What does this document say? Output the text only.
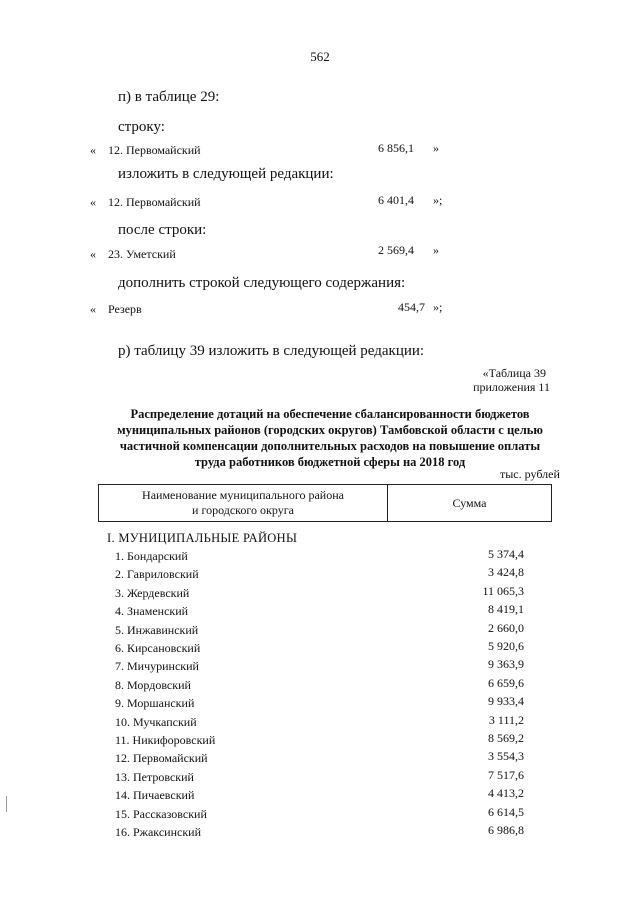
562
п) в таблице 29:
строку:
« 12. Первомайский	6 856,1 »
изложить в следующей редакции:
« 12. Первомайский	6 401,4 »;
после строки:
« 23. Уметский	2 569,4 »
дополнить строкой следующего содержания:
« Резерв	454,7 »;
р) таблицу 39 изложить в следующей редакции:
«Таблица 39
приложения 11
Распределение дотаций на обеспечение сбалансированности бюджетов муниципальных районов (городских округов) Тамбовской области с целью частичной компенсации дополнительных расходов на повышение оплаты труда работников бюджетной сферы на 2018 год
тыс. рублей
Наименование муниципального района
и городского округа	Сумма
I. МУНИЦИПАЛЬНЫЕ РАЙОНЫ
1. Бондарский	5 374,4
2. Гавриловский	3 424,8
3. Жердевский	11 065,3
4. Знаменский	8 419,1
5. Инжавинский	2 660,0
6. Кирсановский	5 920,6
7. Мичуринский	9 363,9
8. Мордовский	6 659,6
9. Моршанский	9 933,4
10. Мучкапский	3 111,2
11. Никифоровский	8 569,2
12. Первомайский	3 554,3
13. Петровский	7 517,6
14. Пичаевский	4 413,2
15. Рассказовский	6 614,5
16. Ржаксинский	6 986,8
